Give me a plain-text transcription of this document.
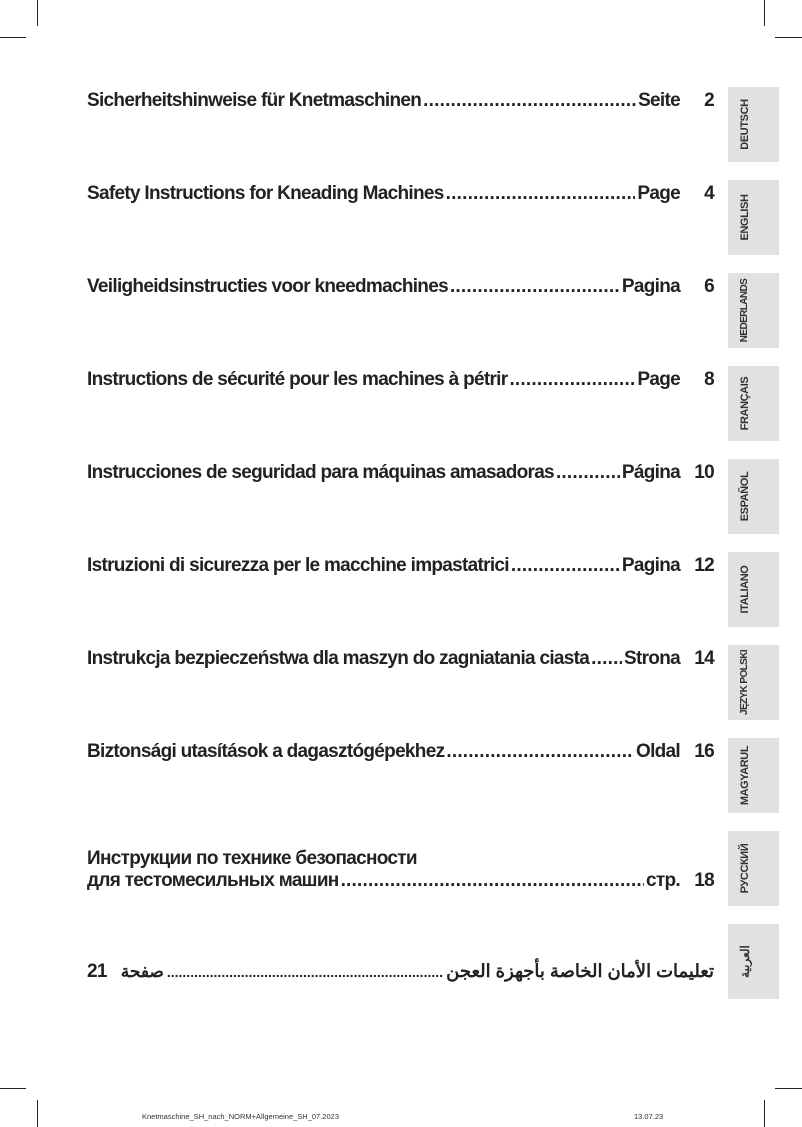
Sicherheitshinweise für Knetmaschinen .....	Seite	2
Safety Instructions for Kneading Machines .....	Page	4
Veiligheidsinstructies voor kneedmachines .....	Pagina	6
Instructions de sécurité pour les machines à pétrir .....	Page	8
Instrucciones de seguridad para máquinas amasadoras .....	Página 10
Istruzioni di sicurezza per le macchine impastatrici .....	Pagina 12
Instrukcja bezpieczeństwa dla maszyn do zagniatania ciasta ..... Strona 14
Biztonsági utasítások a dagasztógépekhez .....	Oldal 16
Инструкции по технике безопасности
для тестомесильных машин .....	стр. 18
21 صفحة .....	تعليمات الأمان الخاصة بأجهزة العجن
DEUTSCH
ENGLISH
NEDERLANDS
FRANÇAIS
ESPAÑOL
ITALIANO
JĘZYK POLSKI
MAGYARUL
РУССКИЙ
العربية
Knetmaschine_SH_nach_NORM+Allgemeine_SH_07.2023	13.07.23
